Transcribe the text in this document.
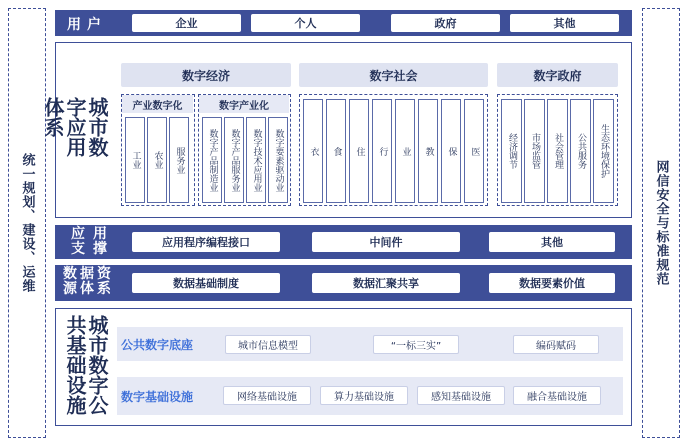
统一规划、建设、运维	网信安全与标准规范
用户	企业	个人	政府	其他
城市数字应用体系
数字经济
产业数字化
工业 农业 服务业
数字产业化
数字产品制造业 数字产品服务业 数字技术应用业 数字要素驱动业
数字社会
衣 食 住 行 业 教 保 医
数字政府
经济调节 市场监管 社会管理 公共服务 生态环境保护
应用支撑	应用程序编程接口	中间件	其他
数据资源体系	数据基础制度	数据汇聚共享	数据要素价值
城市数字公共基础设施	公共数字底座	城市信息模型	“一标三实”	编码赋码
数字基础设施	网络基础设施	算力基础设施	感知基础设施	融合基础设施
